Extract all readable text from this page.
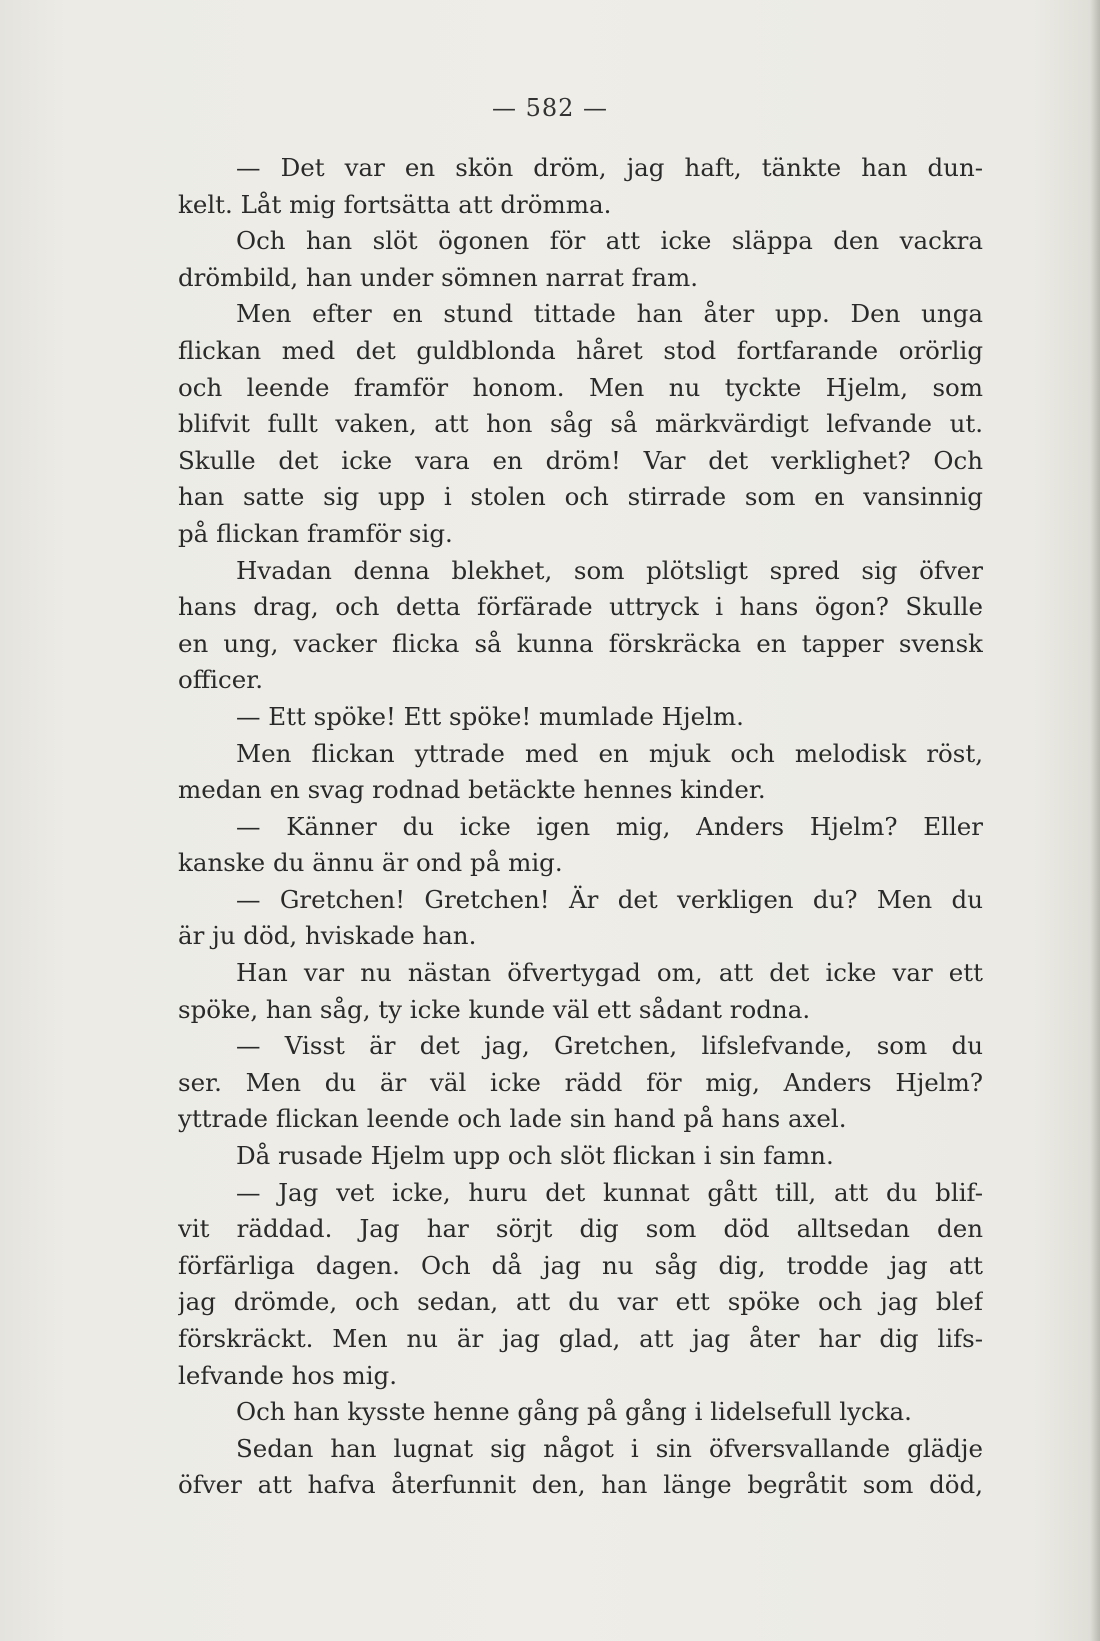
— 582 —
— Det var en skön dröm, jag haft, tänkte han dun-
kelt. Låt mig fortsätta att drömma.
Och han slöt ögonen för att icke släppa den vackra
drömbild, han under sömnen narrat fram.
Men efter en stund tittade han åter upp. Den unga
flickan med det guldblonda håret stod fortfarande orörlig
och leende framför honom. Men nu tyckte Hjelm, som
blifvit fullt vaken, att hon såg så märkvärdigt lefvande ut.
Skulle det icke vara en dröm! Var det verklighet? Och
han satte sig upp i stolen och stirrade som en vansinnig
på flickan framför sig.
Hvadan denna blekhet, som plötsligt spred sig öfver
hans drag, och detta förfärade uttryck i hans ögon? Skulle
en ung, vacker flicka så kunna förskräcka en tapper svensk
officer.
— Ett spöke! Ett spöke! mumlade Hjelm.
Men flickan yttrade med en mjuk och melodisk röst,
medan en svag rodnad betäckte hennes kinder.
— Känner du icke igen mig, Anders Hjelm? Eller
kanske du ännu är ond på mig.
— Gretchen! Gretchen! Är det verkligen du? Men du
är ju död, hviskade han.
Han var nu nästan öfvertygad om, att det icke var ett
spöke, han såg, ty icke kunde väl ett sådant rodna.
— Visst är det jag, Gretchen, lifslefvande, som du
ser. Men du är väl icke rädd för mig, Anders Hjelm?
yttrade flickan leende och lade sin hand på hans axel.
Då rusade Hjelm upp och slöt flickan i sin famn.
— Jag vet icke, huru det kunnat gått till, att du blif-
vit räddad. Jag har sörjt dig som död alltsedan den
förfärliga dagen. Och då jag nu såg dig, trodde jag att
jag drömde, och sedan, att du var ett spöke och jag blef
förskräckt. Men nu är jag glad, att jag åter har dig lifs-
lefvande hos mig.
Och han kysste henne gång på gång i lidelsefull lycka.
Sedan han lugnat sig något i sin öfversvallande glädje
öfver att hafva återfunnit den, han länge begråtit som död,
